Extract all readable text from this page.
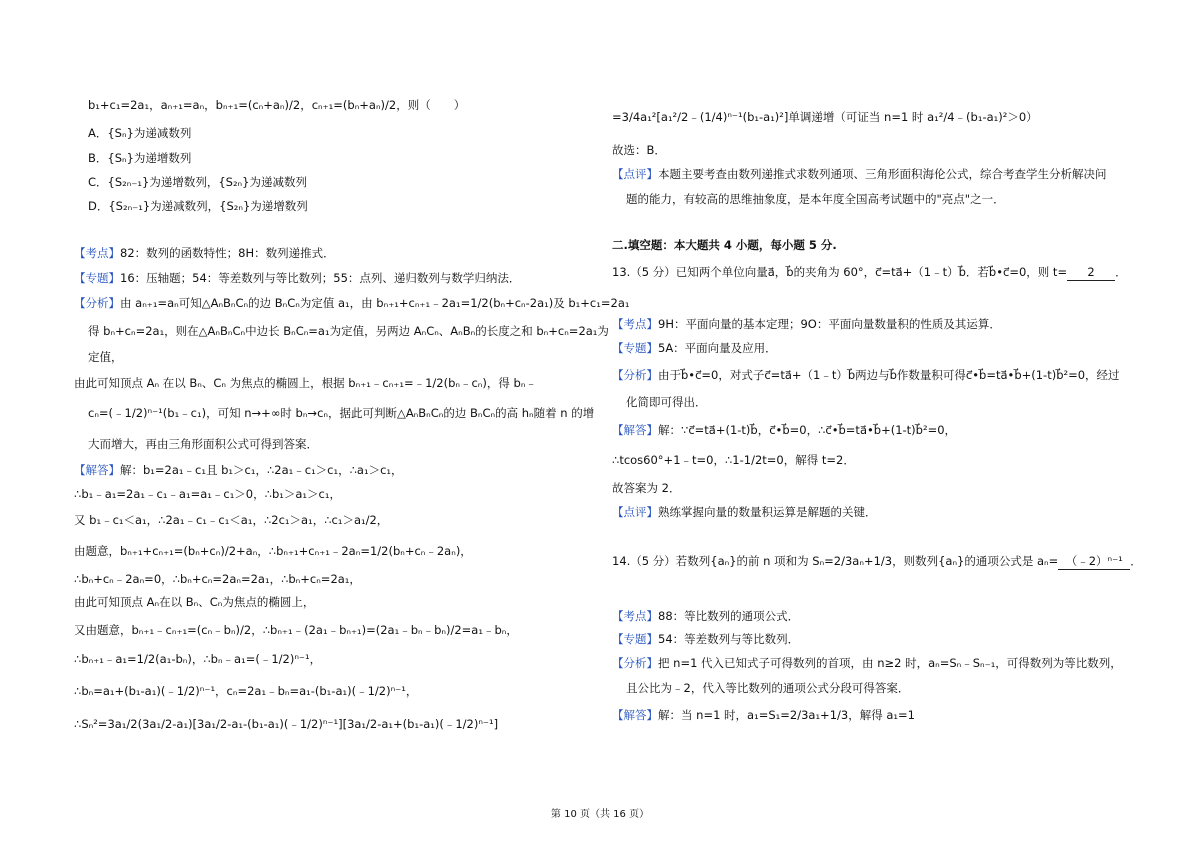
b₁+c₁=2a₁，aₙ₊₁=aₙ，bₙ₊₁=(cₙ+aₙ)/2，cₙ₊₁=(bₙ+aₙ)/2，则（　　）
A．{Sₙ}为递减数列
B．{Sₙ}为递增数列
C．{S₂ₙ₋₁}为递增数列，{S₂ₙ}为递减数列
D．{S₂ₙ₋₁}为递减数列，{S₂ₙ}为递增数列
【考点】82：数列的函数特性；8H：数列递推式．
【专题】16：压轴题；54：等差数列与等比数列；55：点列、递归数列与数学归纳法．
【分析】由 aₙ₊₁=aₙ可知△AₙBₙCₙ的边 BₙCₙ为定值 a₁，由 bₙ₊₁+cₙ₊₁﹣2a₁=1/2(bₙ+cₙ-2a₁)及 b₁+c₁=2a₁
得 bₙ+cₙ=2a₁，则在△AₙBₙCₙ中边长 BₙCₙ=a₁为定值，另两边 AₙCₙ、AₙBₙ的长度之和 bₙ+cₙ=2a₁为
定值，
由此可知顶点 Aₙ 在以 Bₙ、Cₙ 为焦点的椭圆上，根据 bₙ₊₁﹣cₙ₊₁=﹣1/2(bₙ﹣cₙ)，得 bₙ﹣
cₙ=(﹣1/2)ⁿ⁻¹(b₁﹣c₁)，可知 n→+∞时 bₙ→cₙ，据此可判断△AₙBₙCₙ的边 BₙCₙ的高 hₙ随着 n 的增
大而增大，再由三角形面积公式可得到答案．
【解答】解：b₁=2a₁﹣c₁且 b₁＞c₁，∴2a₁﹣c₁＞c₁，∴a₁＞c₁，
∴b₁﹣a₁=2a₁﹣c₁﹣a₁=a₁﹣c₁＞0，∴b₁＞a₁＞c₁，
又 b₁﹣c₁＜a₁，∴2a₁﹣c₁﹣c₁＜a₁，∴2c₁＞a₁，∴c₁＞a₁/2，
由题意，bₙ₊₁+cₙ₊₁=(bₙ+cₙ)/2+aₙ，∴bₙ₊₁+cₙ₊₁﹣2aₙ=1/2(bₙ+cₙ﹣2aₙ)，
∴bₙ+cₙ﹣2aₙ=0，∴bₙ+cₙ=2aₙ=2a₁，∴bₙ+cₙ=2a₁，
由此可知顶点 Aₙ在以 Bₙ、Cₙ为焦点的椭圆上，
又由题意，bₙ₊₁﹣cₙ₊₁=(cₙ﹣bₙ)/2，∴bₙ₊₁﹣(2a₁﹣bₙ₊₁)=(2a₁﹣bₙ﹣bₙ)/2=a₁﹣bₙ，
∴bₙ₊₁﹣a₁=1/2(a₁-bₙ)，∴bₙ﹣a₁=(﹣1/2)ⁿ⁻¹，
∴bₙ=a₁+(b₁-a₁)(﹣1/2)ⁿ⁻¹，cₙ=2a₁﹣bₙ=a₁-(b₁-a₁)(﹣1/2)ⁿ⁻¹，
∴Sₙ²=3a₁/2(3a₁/2-a₁)[3a₁/2-a₁-(b₁-a₁)(﹣1/2)ⁿ⁻¹][3a₁/2-a₁+(b₁-a₁)(﹣1/2)ⁿ⁻¹]
=3/4a₁²[a₁²/2﹣(1/4)ⁿ⁻¹(b₁-a₁)²]单调递增（可证当 n=1 时 a₁²/4﹣(b₁-a₁)²＞0）
故选：B．
【点评】本题主要考查由数列递推式求数列通项、三角形面积海伦公式，综合考查学生分析解决问
题的能力，有较高的思维抽象度，是本年度全国高考试题中的"亮点"之一．
二.填空题：本大题共 4 小题，每小题 5 分.
13.（5 分）已知两个单位向量a⃗，b⃗的夹角为 60°，c⃗=ta⃗+（1﹣t）b⃗．若b⃗•c⃗=0，则 t= 2 ．
【考点】9H：平面向量的基本定理；9O：平面向量数量积的性质及其运算．
【专题】5A：平面向量及应用．
【分析】由于b⃗•c⃗=0，对式子c⃗=ta⃗+（1﹣t）b⃗两边与b⃗作数量积可得c⃗•b⃗=ta⃗•b⃗+(1-t)b⃗²=0，经过
化简即可得出．
【解答】解：∵c⃗=ta⃗+(1-t)b⃗，c⃗•b⃗=0，∴c⃗•b⃗=ta⃗•b⃗+(1-t)b⃗²=0，
∴tcos60°+1﹣t=0，∴1-1/2t=0，解得 t=2．
故答案为 2．
【点评】熟练掌握向量的数量积运算是解题的关键．
14.（5 分）若数列{aₙ}的前 n 项和为 Sₙ=2/3aₙ+1/3，则数列{aₙ}的通项公式是 aₙ= （﹣2）ⁿ⁻¹ ．
【考点】88：等比数列的通项公式．
【专题】54：等差数列与等比数列．
【分析】把 n=1 代入已知式子可得数列的首项，由 n≥2 时，aₙ=Sₙ﹣Sₙ₋₁，可得数列为等比数列，
且公比为﹣2，代入等比数列的通项公式分段可得答案．
【解答】解：当 n=1 时，a₁=S₁=2/3a₁+1/3，解得 a₁=1
第 10 页（共 16 页）
